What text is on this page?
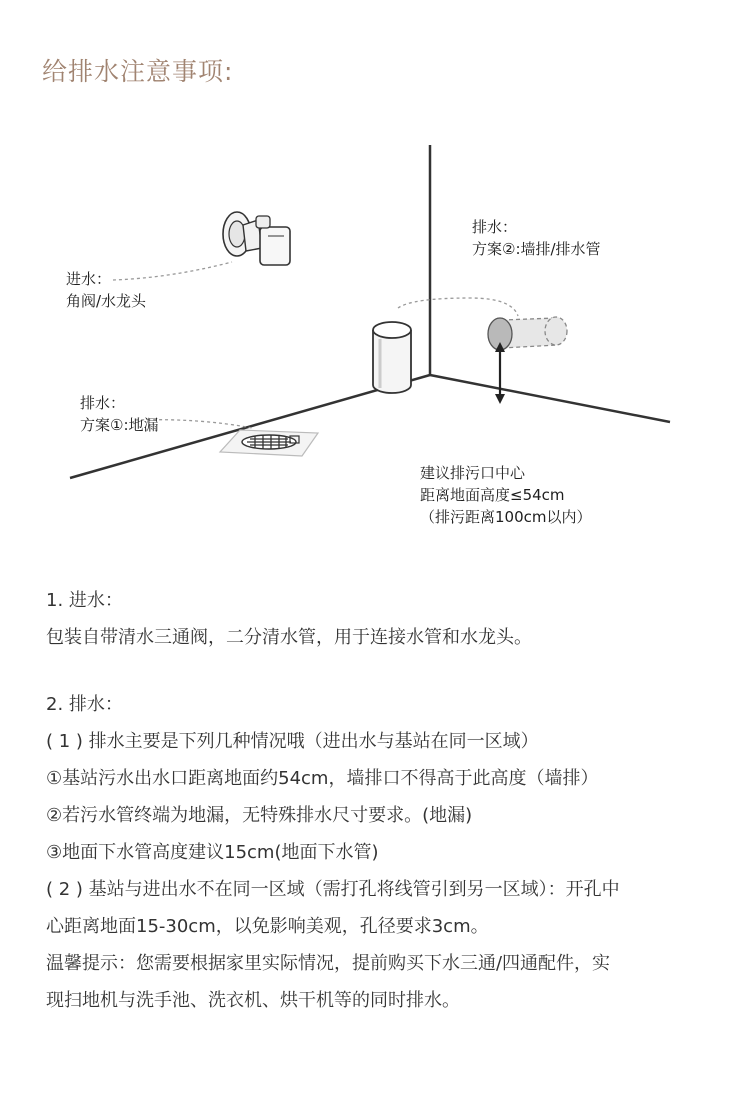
给排水注意事项:
进水：
角阀/水龙头
排水：
方案①:地漏
排水：
方案②:墙排/排水管
建议排污口中心
距离地面高度≤54cm
（排污距离100cm以内）
1. 进水：
包装自带清水三通阀，二分清水管，用于连接水管和水龙头。
2. 排水：
( 1 ) 排水主要是下列几种情况哦（进出水与基站在同一区域）
①基站污水出水口距离地面约54cm，墙排口不得高于此高度（墙排）
②若污水管终端为地漏，无特殊排水尺寸要求。(地漏)
③地面下水管高度建议15cm(地面下水管)
( 2 ) 基站与进出水不在同一区域（需打孔将线管引到另一区域）：开孔中
心距离地面15-30cm，以免影响美观，孔径要求3cm。
温馨提示：您需要根据家里实际情况，提前购买下水三通/四通配件，实
现扫地机与洗手池、洗衣机、烘干机等的同时排水。
